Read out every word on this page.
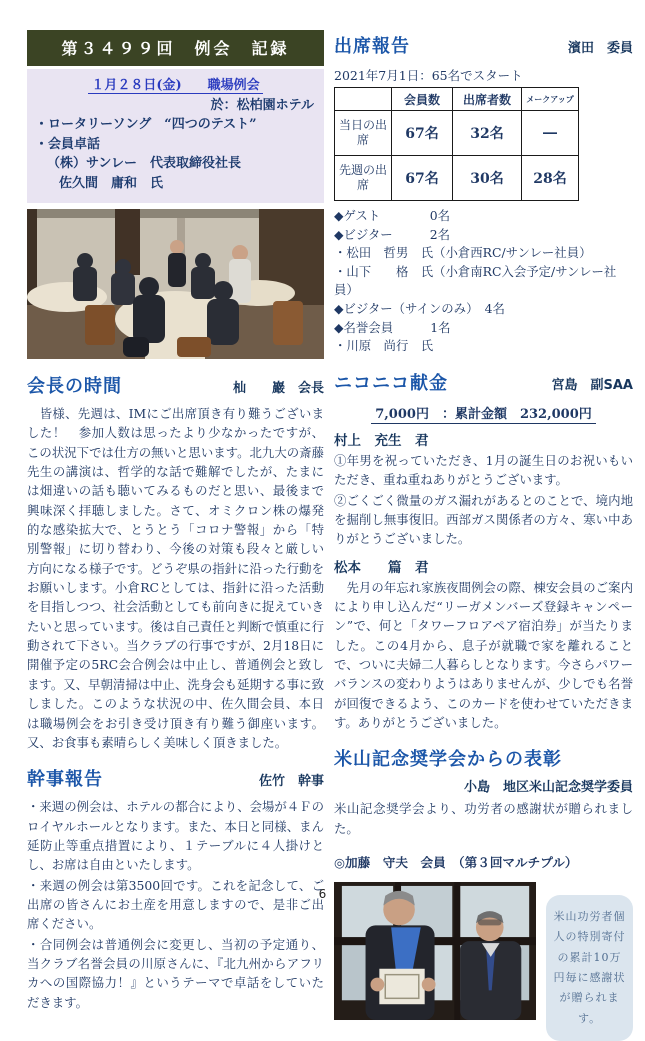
第３４９９回　例会　記録
１月２８日(金)　　職場例会
於：松柏園ホテル
・ロータリーソング　“四つのテスト”
・会員卓話
（株）サンレー　代表取締役社長
佐久間　庸和　氏
会長の時間	杣　　巖　会長
　皆様、先週は、IMにご出席頂き有り難うございました！　参加人数は思ったより少なかったですが、この状況下では仕方の無いと思います。北九大の斎藤先生の講演は、哲学的な話で難解でしたが、たまには畑違いの話も聴いてみるものだと思い、最後まで興味深く拝聴しました。さて、オミクロン株の爆発的な感染拡大で、とうとう「コロナ警報」から「特別警報」に切り替わり、今後の対策も段々と厳しい方向になる様子です。どうぞ県の指針に沿った行動をお願いします。小倉RCとしては、指針に沿った活動を目指しつつ、社会活動としても前向きに捉えていきたいと思っています。後は自己責任と判断で慎重に行動されて下さい。当クラブの行事ですが、2月18日に開催予定の5RC会合例会は中止し、普通例会と致します。又、早朝清掃は中止、洗身会も延期する事に致しました。このような状況の中、佐久間会員、本日は職場例会をお引き受け頂き有り難う御座います。又、お食事も素晴らしく美味しく頂きました。
幹事報告	佐竹　幹事

・来週の例会は、ホテルの都合により、会場が４Ｆのロイヤルホールとなります。また、本日と同様、まん延防止等重点措置により、１テーブルに４人掛けとし、お席は自由といたします。

・来週の例会は第3500回です。これを記念して、ご出席の皆さんにお土産を用意しますので、是非ご出席ください。

・合同例会は普通例会に変更し、当初の予定通り、当クラブ名誉会員の川原さんに、『北九州からアフリカへの国際協力！』というテーマで卓話をしていただきます。

出席報告	濱田　委員
2021年7月1日：65名でスタート
	会員数	出席者数	メークアップ
当日の出席	67名	32名	―
先週の出席	67名	30名	28名
◆ゲスト　　　　0名
◆ビジター　　　2名
・松田　哲男　氏（小倉西RC/サンレー社員）
・山下　　格　氏（小倉南RC入会予定/サンレー社員）
◆ビジター（サインのみ）　4名
◆名誉会員　　　1名
・川原　尚行　氏
ニコニコ献金	宮島　副SAA
7,000円　：累計金額　232,000円
村上　充生　君

①年男を祝っていただき、1月の誕生日のお祝いもいただき、重ね重ねありがとうございます。

②ごくごく微量のガス漏れがあるとのことで、境内地を掘削し無事復旧。西部ガス関係者の方々、寒い中ありがとうございました。

松本　　篇　君

　先月の年忘れ家族夜間例会の際、棟安会員のご案内により申し込んだ“リーガメンバーズ登録キャンペーン”で、何と「タワーフロアペア宿泊券」が当たりました。この4月から、息子が就職で家を離れることで、ついに夫婦二人暮らしとなります。今さらパワーバランスの変わりようはありませんが、少しでも名誉が回復できるよう、このカードを使わせていただきます。ありがとうございました。

米山記念奨学会からの表彰
小島　地区米山記念奨学委員
米山記念奨学会より、功労者の感謝状が贈られました。
◎加藤　守夫　会員　（第３回マルチプル）
米山功労者個人の特別寄付の累計10万円毎に感謝状が贈られます。
6
